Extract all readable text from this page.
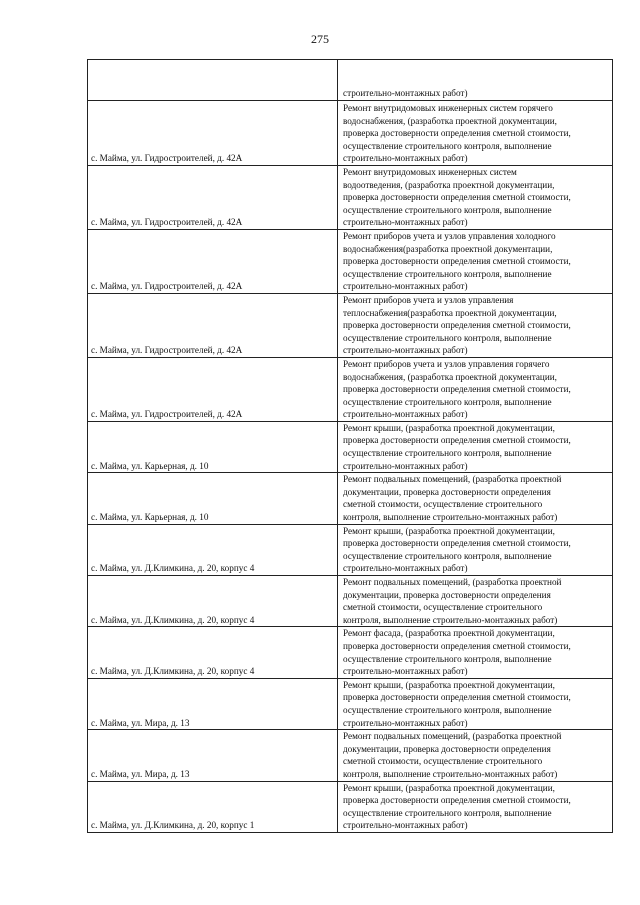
275

	строительно-монтажных работ)

с. Майма, ул. Гидростроителей, д. 42А	Ремонт внутридомовых инженерных систем горячего
водоснабжения, (разработка проектной документации,
проверка достоверности определения сметной стоимости,
осуществление строительного контроля, выполнение
строительно-монтажных работ)

с. Майма, ул. Гидростроителей, д. 42А	Ремонт внутридомовых инженерных систем
водоотведения, (разработка проектной документации,
проверка достоверности определения сметной стоимости,
осуществление строительного контроля, выполнение
строительно-монтажных работ)

с. Майма, ул. Гидростроителей, д. 42А	Ремонт приборов учета и узлов управления холодного
водоснабжения(разработка проектной документации,
проверка достоверности определения сметной стоимости,
осуществление строительного контроля, выполнение
строительно-монтажных работ)

с. Майма, ул. Гидростроителей, д. 42А	Ремонт приборов учета и узлов управления
теплоснабжения(разработка проектной документации,
проверка достоверности определения сметной стоимости,
осуществление строительного контроля, выполнение
строительно-монтажных работ)

с. Майма, ул. Гидростроителей, д. 42А	Ремонт приборов учета и узлов управления горячего
водоснабжения, (разработка проектной документации,
проверка достоверности определения сметной стоимости,
осуществление строительного контроля, выполнение
строительно-монтажных работ)

с. Майма, ул. Карьерная, д. 10	Ремонт крыши, (разработка проектной документации,
проверка достоверности определения сметной стоимости,
осуществление строительного контроля, выполнение
строительно-монтажных работ)

с. Майма, ул. Карьерная, д. 10	Ремонт подвальных помещений, (разработка проектной
документации, проверка достоверности определения
сметной стоимости, осуществление строительного
контроля, выполнение строительно-монтажных работ)

с. Майма, ул. Д.Климкина, д. 20, корпус 4	Ремонт крыши, (разработка проектной документации,
проверка достоверности определения сметной стоимости,
осуществление строительного контроля, выполнение
строительно-монтажных работ)

с. Майма, ул. Д.Климкина, д. 20, корпус 4	Ремонт подвальных помещений, (разработка проектной
документации, проверка достоверности определения
сметной стоимости, осуществление строительного
контроля, выполнение строительно-монтажных работ)

с. Майма, ул. Д.Климкина, д. 20, корпус 4	Ремонт фасада, (разработка проектной документации,
проверка достоверности определения сметной стоимости,
осуществление строительного контроля, выполнение
строительно-монтажных работ)

с. Майма, ул. Мира, д. 13	Ремонт крыши, (разработка проектной документации,
проверка достоверности определения сметной стоимости,
осуществление строительного контроля, выполнение
строительно-монтажных работ)

с. Майма, ул. Мира, д. 13	Ремонт подвальных помещений, (разработка проектной
документации, проверка достоверности определения
сметной стоимости, осуществление строительного
контроля, выполнение строительно-монтажных работ)

с. Майма, ул. Д.Климкина, д. 20, корпус 1	Ремонт крыши, (разработка проектной документации,
проверка достоверности определения сметной стоимости,
осуществление строительного контроля, выполнение
строительно-монтажных работ)
